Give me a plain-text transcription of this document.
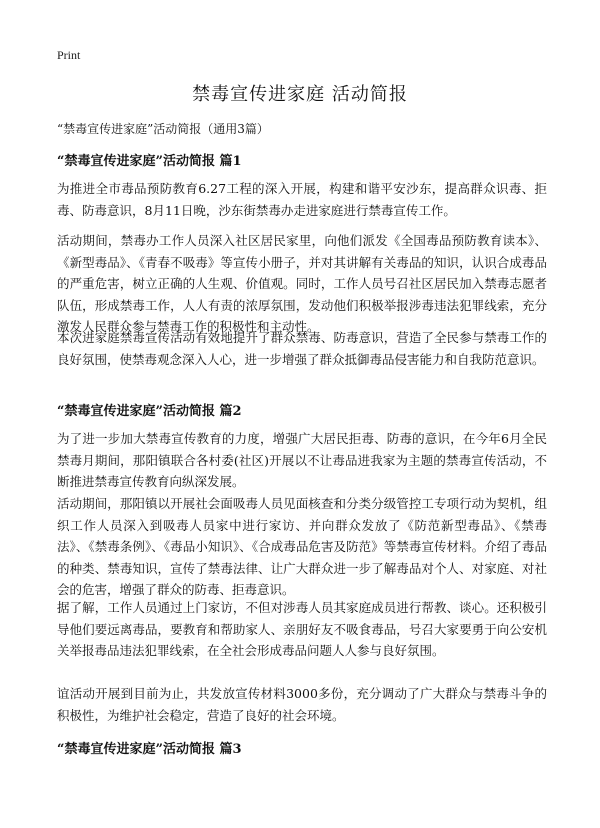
Print
禁毒宣传进家庭 活动简报
“禁毒宣传进家庭”活动简报（通用3篇）
“禁毒宣传进家庭”活动简报 篇1

为推进全市毒品预防教育6.27工程的深入开展，构建和谐平安沙东，提高群众识毒、拒毒、防毒意识，8月11日晚，沙东街禁毒办走进家庭进行禁毒宣传工作。

活动期间，禁毒办工作人员深入社区居民家里，向他们派发《全国毒品预防教育读本》、《新型毒品》、《青春不吸毒》等宣传小册子，并对其讲解有关毒品的知识，认识合成毒品的严重危害，树立正确的人生观、价值观。同时，工作人员号召社区居民加入禁毒志愿者队伍，形成禁毒工作，人人有责的浓厚氛围，发动他们积极举报涉毒违法犯罪线索，充分激发人民群众参与禁毒工作的积极性和主动性。

本次进家庭禁毒宣传活动有效地提升了群众禁毒、防毒意识，营造了全民参与禁毒工作的良好氛围，使禁毒观念深入人心，进一步增强了群众抵御毒品侵害能力和自我防范意识。

“禁毒宣传进家庭”活动简报 篇2

为了进一步加大禁毒宣传教育的力度，增强广大居民拒毒、防毒的意识，在今年6月全民禁毒月期间，那阳镇联合各村委(社区)开展以不让毒品进我家为主题的禁毒宣传活动，不断推进禁毒宣传教育向纵深发展。

活动期间，那阳镇以开展社会面吸毒人员见面核查和分类分级管控工专项行动为契机，组织工作人员深入到吸毒人员家中进行家访、并向群众发放了《防范新型毒品》、《禁毒法》、《禁毒条例》、《毒品小知识》、《合成毒品危害及防范》等禁毒宣传材料。介绍了毒品的种类、禁毒知识，宣传了禁毒法律、让广大群众进一步了解毒品对个人、对家庭、对社会的危害，增强了群众的防毒、拒毒意识。

据了解，工作人员通过上门家访，不但对涉毒人员其家庭成员进行帮教、谈心。还积极引导他们要远离毒品，要教育和帮助家人、亲朋好友不吸食毒品，号召大家要勇于向公安机关举报毒品违法犯罪线索，在全社会形成毒品问题人人参与良好氛围。

谊活动开展到目前为止，共发放宣传材料3000多份，充分调动了广大群众与禁毒斗争的积极性，为维护社会稳定，营造了良好的社会环境。

“禁毒宣传进家庭”活动简报 篇3
